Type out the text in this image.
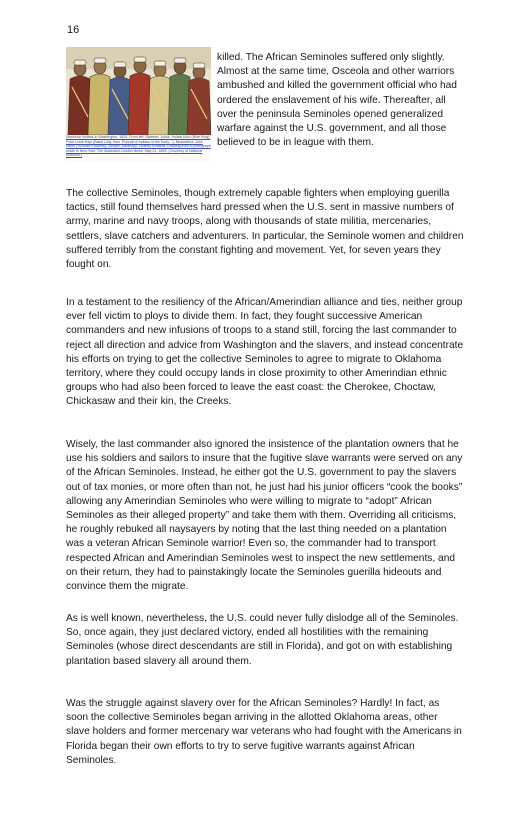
16
Seminole Indians in Washington, 1826. From left: Sweeter, Julius, Holata Mico (Blue King), Foke Luste Hajo (Black Clay, from 'Portrait of Indians in the Early...'), Neamathla, John Hicks (Tuckose Emathla), Jumper, Micanopy, Charley Emathla. Drawing from a photograph made in New York, The Illustrated London News, May 21, 1853. (Courtesy of National Archives.)

killed. The African Seminoles suffered only slightly. Almost at the same time, Osceola and other warriors ambushed and killed the government official who had ordered the enslavement of his wife. Thereafter, all over the peninsula Seminoles opened generalized warfare against the U.S. government, and all those believed to be in league with them.

The collective Seminoles, though extremely capable fighters when employing guerilla tactics, still found themselves hard pressed when the U.S. sent in massive numbers of army, marine and navy troops, along with thousands of state militia, mercenaries, settlers, slave catchers and adventurers. In particular, the Seminole women and children suffered terribly from the constant fighting and movement. Yet, for seven years they fought on.

In a testament to the resiliency of the African/Amerindian alliance and ties, neither group ever fell victim to ploys to divide them. In fact, they fought successive American commanders and new infusions of troops to a stand still, forcing the last commander to reject all direction and advice from Washington and the slavers, and instead concentrate his efforts on trying to get the collective Seminoles to agree to migrate to Oklahoma territory, where they could occupy lands in close proximity to other Amerindian ethnic groups who had also been forced to leave the east coast: the Cherokee, Choctaw, Chickasaw and their kin, the Creeks.

Wisely, the last commander also ignored the insistence of the plantation owners that he use his soldiers and sailors to insure that the fugitive slave warrants were served on any of the African Seminoles. Instead, he either got the U.S. government to pay the slavers out of tax monies, or more often than not, he just had his junior officers “cook the books” allowing any Amerindian Seminoles who were willing to migrate to “adopt” African Seminoles as their alleged property” and take them with them. Overriding all criticisms, he roughly rebuked all naysayers by noting that the last thing needed on a plantation was a veteran African Seminole warrior! Even so, the commander had to transport respected African and Amerindian Seminoles west to inspect the new settlements, and on their return, they had to painstakingly locate the Seminoles guerilla hideouts and convince them the migrate.

As is well known, nevertheless, the U.S. could never fully dislodge all of the Seminoles. So, once again, they just declared victory, ended all hostilities with the remaining Seminoles (whose direct descendants are still in Florida), and got on with establishing plantation based slavery all around them.

Was the struggle against slavery over for the African Seminoles? Hardly! In fact, as soon the collective Seminoles began arriving in the allotted Oklahoma areas, other slave holders and former mercenary war veterans who had fought with the Americans in Florida began their own efforts to try to serve fugitive warrants against African Seminoles.
